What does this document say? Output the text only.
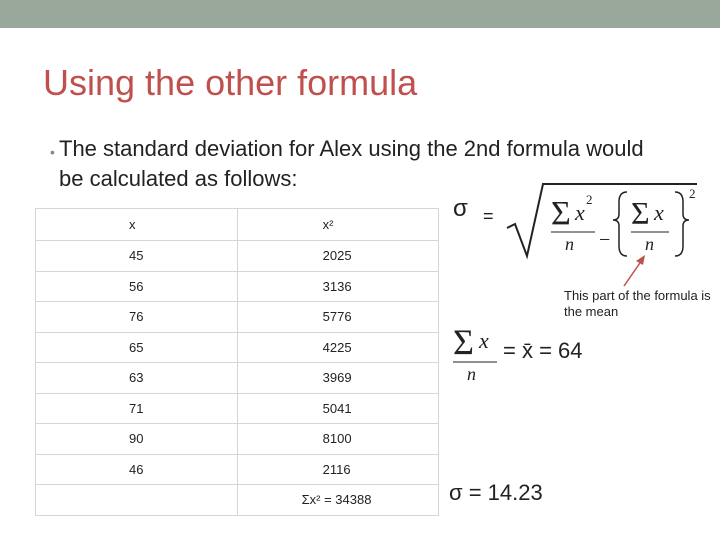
Using the other formula
• The standard deviation for Alex using the 2nd formula would be calculated as follows:
x	x²
45	2025
56	3136
76	5776
65	4225
63	3969
71	5041
90	8100
46	2116
	Σx² = 34388
σ = Σ x
2
n −
Σ x
n
2
This part of the formula is the mean
Σ x
n
= x̄ = 64
σ = 14.23
